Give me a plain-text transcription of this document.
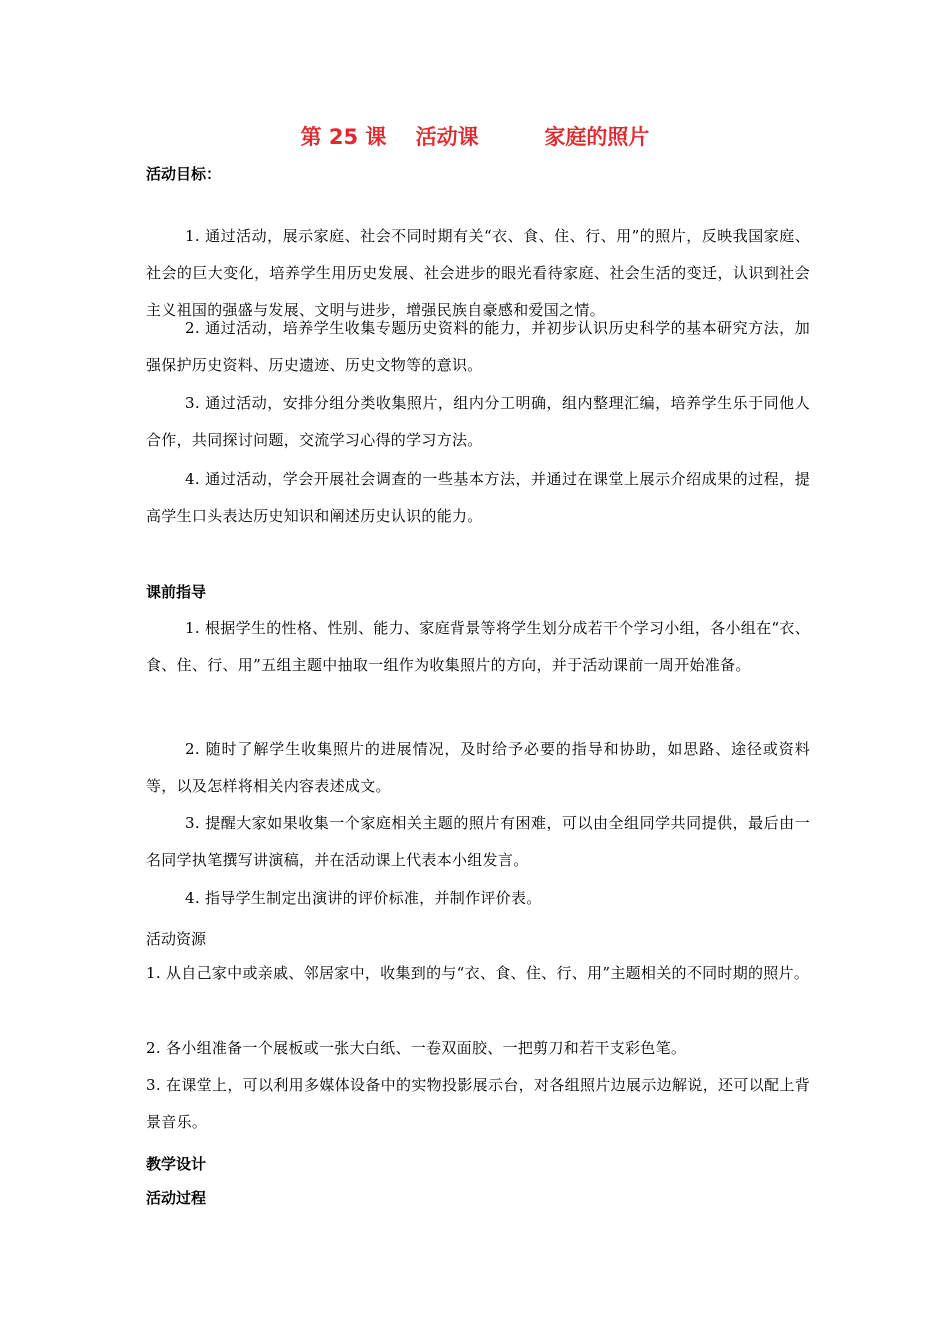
第 25 课    活动课         家庭的照片
活动目标：

1. 通过活动，展示家庭、社会不同时期有关“衣、食、住、行、用”的照片，反映我国家庭、社会的巨大变化，培养学生用历史发展、社会进步的眼光看待家庭、社会生活的变迁，认识到社会主义祖国的强盛与发展、文明与进步，增强民族自豪感和爱国之情。

2. 通过活动，培养学生收集专题历史资料的能力，并初步认识历史科学的基本研究方法，加强保护历史资料、历史遗迹、历史文物等的意识。

3. 通过活动，安排分组分类收集照片，组内分工明确，组内整理汇编，培养学生乐于同他人合作，共同探讨问题，交流学习心得的学习方法。

4. 通过活动，学会开展社会调查的一些基本方法，并通过在课堂上展示介绍成果的过程，提高学生口头表达历史知识和阐述历史认识的能力。

课前指导

1. 根据学生的性格、性别、能力、家庭背景等将学生划分成若干个学习小组，各小组在“衣、食、住、行、用”五组主题中抽取一组作为收集照片的方向，并于活动课前一周开始准备。

2. 随时了解学生收集照片的进展情况，及时给予必要的指导和协助，如思路、途径或资料等，以及怎样将相关内容表述成文。

3. 提醒大家如果收集一个家庭相关主题的照片有困难，可以由全组同学共同提供，最后由一名同学执笔撰写讲演稿，并在活动课上代表本小组发言。

4. 指导学生制定出演讲的评价标准，并制作评价表。

活动资源

1. 从自己家中或亲戚、邻居家中，收集到的与“衣、食、住、行、用”主题相关的不同时期的照片。

2. 各小组准备一个展板或一张大白纸、一卷双面胶、一把剪刀和若干支彩色笔。

3. 在课堂上，可以利用多媒体设备中的实物投影展示台，对各组照片边展示边解说，还可以配上背景音乐。

教学设计
活动过程
